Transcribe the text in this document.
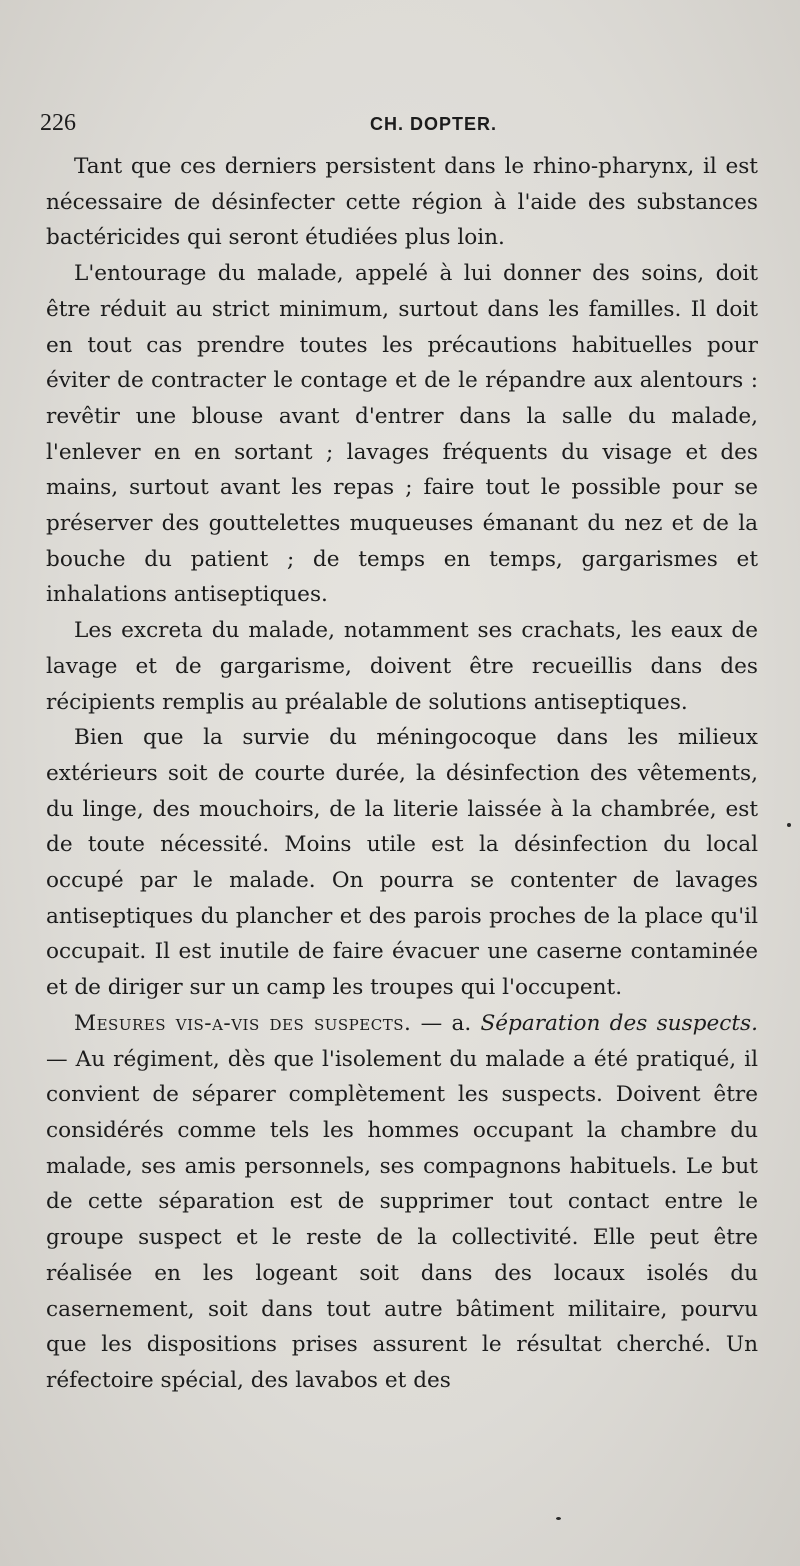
226	CH. DOPTER.

Tant que ces derniers persistent dans le rhino-pharynx, il est nécessaire de désinfecter cette région à l'aide des substances bactéricides qui seront étudiées plus loin.

L'entourage du malade, appelé à lui donner des soins, doit être réduit au strict minimum, surtout dans les familles. Il doit en tout cas prendre toutes les précautions habituelles pour éviter de contracter le contage et de le répandre aux alentours : revêtir une blouse avant d'entrer dans la salle du malade, l'enlever en en sortant ; lavages fréquents du visage et des mains, surtout avant les repas ; faire tout le possible pour se préserver des gouttelettes muqueuses émanant du nez et de la bouche du patient ; de temps en temps, gargarismes et inhalations antiseptiques.

Les excreta du malade, notamment ses crachats, les eaux de lavage et de gargarisme, doivent être recueillis dans des récipients remplis au préalable de solutions antiseptiques.

Bien que la survie du méningocoque dans les milieux extérieurs soit de courte durée, la désinfection des vêtements, du linge, des mouchoirs, de la literie laissée à la chambrée, est de toute nécessité. Moins utile est la désinfection du local occupé par le malade. On pourra se contenter de lavages antiseptiques du plancher et des parois proches de la place qu'il occupait. Il est inutile de faire évacuer une caserne contaminée et de diriger sur un camp les troupes qui l'occupent.

Mesures vis-a-vis des suspects. — a. Séparation des suspects. — Au régiment, dès que l'isolement du malade a été pratiqué, il convient de séparer complètement les suspects. Doivent être considérés comme tels les hommes occupant la chambre du malade, ses amis personnels, ses compagnons habituels. Le but de cette séparation est de supprimer tout contact entre le groupe suspect et le reste de la collectivité. Elle peut être réalisée en les logeant soit dans des locaux isolés du casernement, soit dans tout autre bâtiment militaire, pourvu que les dispositions prises assurent le résultat cherché. Un réfectoire spécial, des lavabos et des
